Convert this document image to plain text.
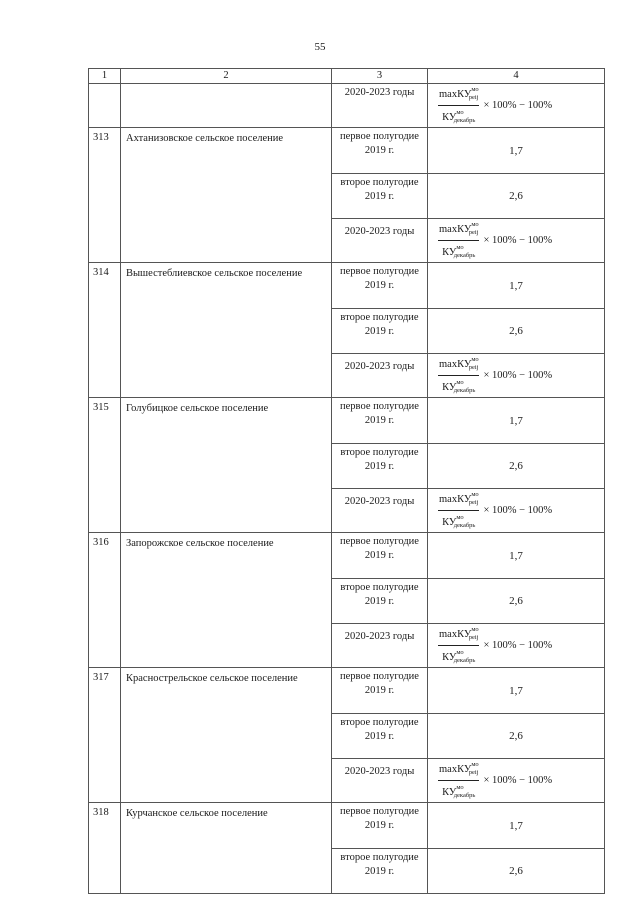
55
1	2	3	4
		2020-2023 годы	$\frac{\max КУ^{мо}_{peij}}{КУ^{мо}_{декабрь}} \times 100\% - 100\%$

313	Ахтанизовское сельское поселение	первое полугодие 2019 г.	1,7
		второе полугодие 2019 г.	2,6
		2020-2023 годы	$\frac{\max КУ^{мо}_{peij}}{КУ^{мо}_{декабрь}} \times 100\% - 100\%$

314	Вышестеблиевское сельское поселение	первое полугодие 2019 г.	1,7
		второе полугодие 2019 г.	2,6
		2020-2023 годы	$\frac{\max КУ^{мо}_{peij}}{КУ^{мо}_{декабрь}} \times 100\% - 100\%$

315	Голубицкое сельское поселение	первое полугодие 2019 г.	1,7
		второе полугодие 2019 г.	2,6
		2020-2023 годы	$\frac{\max КУ^{мо}_{peij}}{КУ^{мо}_{декабрь}} \times 100\% - 100\%$

316	Запорожское сельское поселение	первое полугодие 2019 г.	1,7
		второе полугодие 2019 г.	2,6
		2020-2023 годы	$\frac{\max КУ^{мо}_{peij}}{КУ^{мо}_{декабрь}} \times 100\% - 100\%$

317	Краснострельское сельское поселение	первое полугодие 2019 г.	1,7
		второе полугодие 2019 г.	2,6
		2020-2023 годы	$\frac{\max КУ^{мо}_{peij}}{КУ^{мо}_{декабрь}} \times 100\% - 100\%$

318	Курчанское сельское поселение	первое полугодие 2019 г.	1,7
		второе полугодие 2019 г.	2,6
